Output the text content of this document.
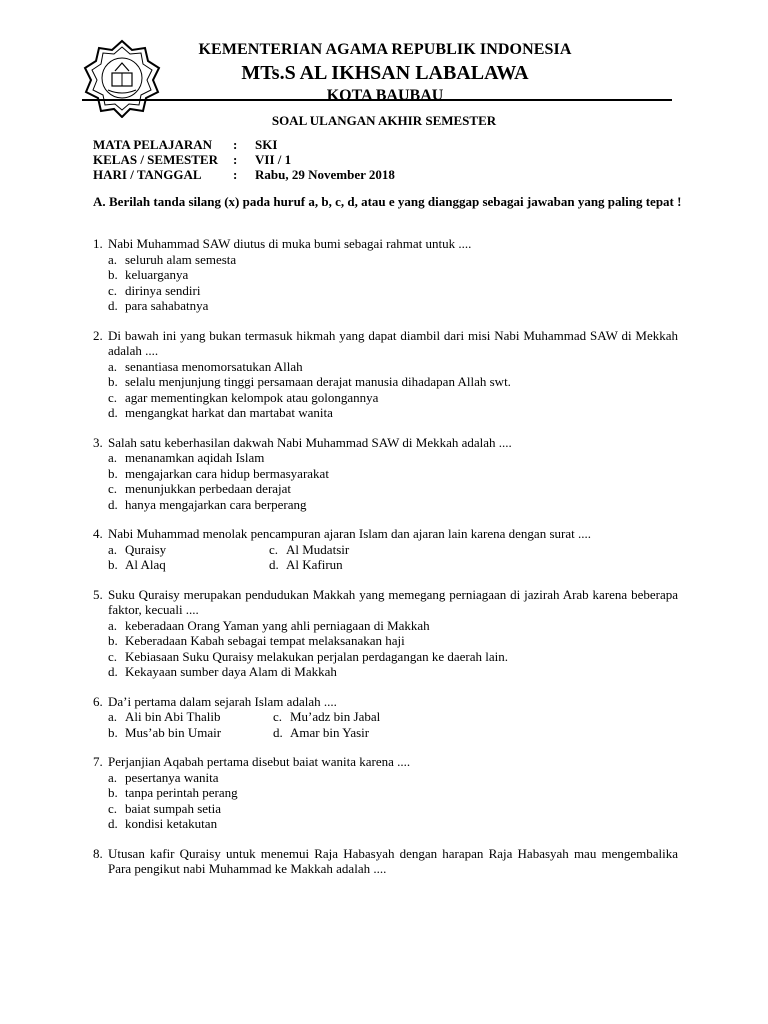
KEMENTERIAN AGAMA REPUBLIK INDONESIA
MTs.S AL IKHSAN LABALAWA
KOTA BAUBAU
SOAL ULANGAN AKHIR SEMESTER
MATA PELAJARAN	:	SKI
KELAS / SEMESTER	:	VII / 1
HARI / TANGGAL	:	Rabu, 29 November 2018
A. Berilah tanda silang (x) pada huruf a, b, c, d, atau e yang dianggap sebagai jawaban yang paling tepat !
1. Nabi Muhammad SAW diutus di muka bumi sebagai rahmat untuk ....
a. seluruh alam semesta
b. keluarganya
c. dirinya sendiri
d. para sahabatnya
2. Di bawah ini yang bukan termasuk hikmah yang dapat diambil dari misi Nabi Muhammad SAW di Mekkah adalah ....
a. senantiasa menomorsatukan Allah
b. selalu menjunjung tinggi persamaan derajat manusia dihadapan Allah swt.
c. agar mementingkan kelompok atau golongannya
d. mengangkat harkat dan martabat wanita
3. Salah satu keberhasilan dakwah Nabi Muhammad SAW di Mekkah adalah ....
a. menanamkan aqidah Islam
b. mengajarkan cara hidup bermasyarakat
c. menunjukkan perbedaan derajat
d. hanya mengajarkan cara berperang
4. Nabi Muhammad menolak pencampuran ajaran Islam dan ajaran lain karena dengan surat ....
a. Quraisy	c. Al Mudatsir
b. Al Alaq	d. Al Kafirun
5. Suku Quraisy merupakan pendudukan Makkah yang memegang perniagaan di jazirah Arab karena beberapa faktor, kecuali ....
a. keberadaan Orang Yaman yang ahli perniagaan di Makkah
b. Keberadaan Kabah sebagai tempat melaksanakan haji
c. Kebiasaan Suku Quraisy melakukan perjalan perdagangan ke daerah lain.
d. Kekayaan sumber daya Alam di Makkah
6. Da’i pertama dalam sejarah Islam adalah ....
a. Ali bin Abi Thalib	c. Mu’adz bin Jabal
b. Mus’ab bin Umair	d. Amar bin Yasir
7. Perjanjian Aqabah pertama disebut baiat wanita karena ....
a. pesertanya wanita
b. tanpa perintah perang
c. baiat sumpah setia
d. kondisi ketakutan
8. Utusan kafir Quraisy untuk menemui Raja Habasyah dengan harapan Raja Habasyah mau mengembalika Para pengikut nabi Muhammad ke Makkah adalah ....
